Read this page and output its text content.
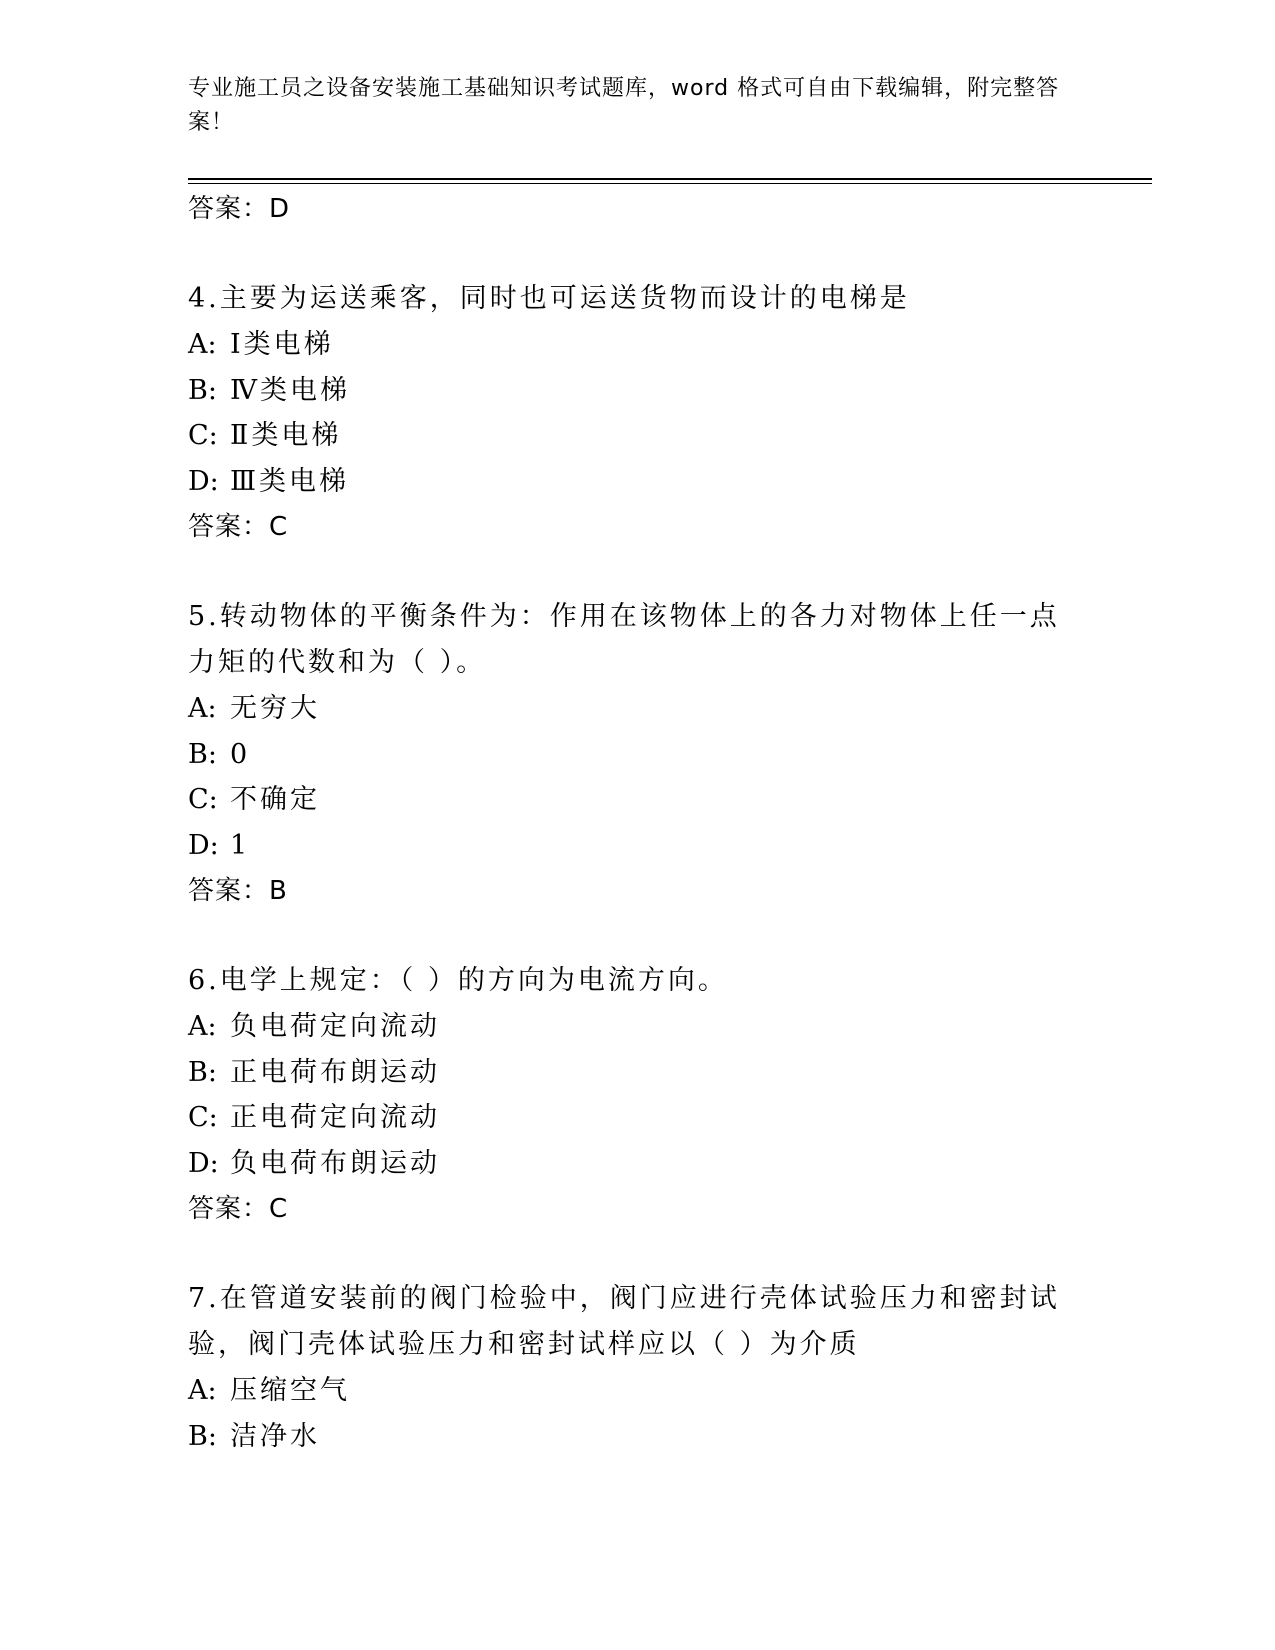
专业施工员之设备安装施工基础知识考试题库，word 格式可自由下载编辑，附完整答案！
答案：D
4.主要为运送乘客，同时也可运送货物而设计的电梯是
A: Ⅰ类电梯
B: Ⅳ类电梯
C: Ⅱ类电梯
D: Ⅲ类电梯
答案：C
5.转动物体的平衡条件为：作用在该物体上的各力对物体上任一点力矩的代数和为（ ）。
A: 无穷大
B: 0
C: 不确定
D: 1
答案：B
6.电学上规定：（ ）的方向为电流方向。
A: 负电荷定向流动
B: 正电荷布朗运动
C: 正电荷定向流动
D: 负电荷布朗运动
答案：C
7.在管道安装前的阀门检验中，阀门应进行壳体试验压力和密封试验，阀门壳体试验压力和密封试样应以（ ）为介质
A: 压缩空气
B: 洁净水
